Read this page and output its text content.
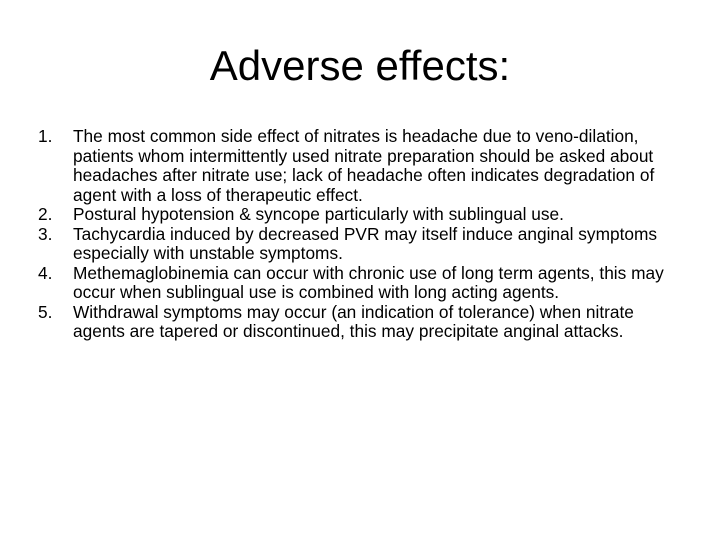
Adverse effects:
1.	The most common side effect of nitrates is headache due to veno-dilation, patients whom intermittently used nitrate preparation should be asked about headaches after nitrate use; lack of headache often indicates degradation of agent with a loss of therapeutic effect.
2.	Postural hypotension & syncope particularly with sublingual use.
3.	Tachycardia induced by decreased PVR may itself induce anginal symptoms especially with unstable symptoms.
4.	Methemaglobinemia can occur with chronic use of long term agents, this may occur when sublingual use is combined with long acting agents.
5.	Withdrawal symptoms may occur (an indication of tolerance) when nitrate agents are tapered or discontinued, this may precipitate anginal attacks.
